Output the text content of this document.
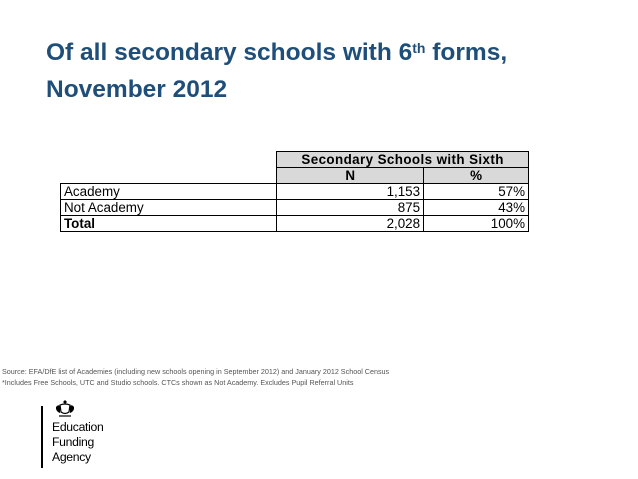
Of all secondary schools with 6th forms,
November 2012
	Secondary Schools with Sixth	
	N	%
Academy	1,153	57%
Not Academy	875	43%
Total	2,028	100%
Source: EFA/DfE list of Academies (including new schools opening in September 2012) and January 2012 School Census
*Includes Free Schools, UTC and Studio schools. CTCs shown as Not Academy. Excludes Pupil Referral Units
Education
Funding
Agency
